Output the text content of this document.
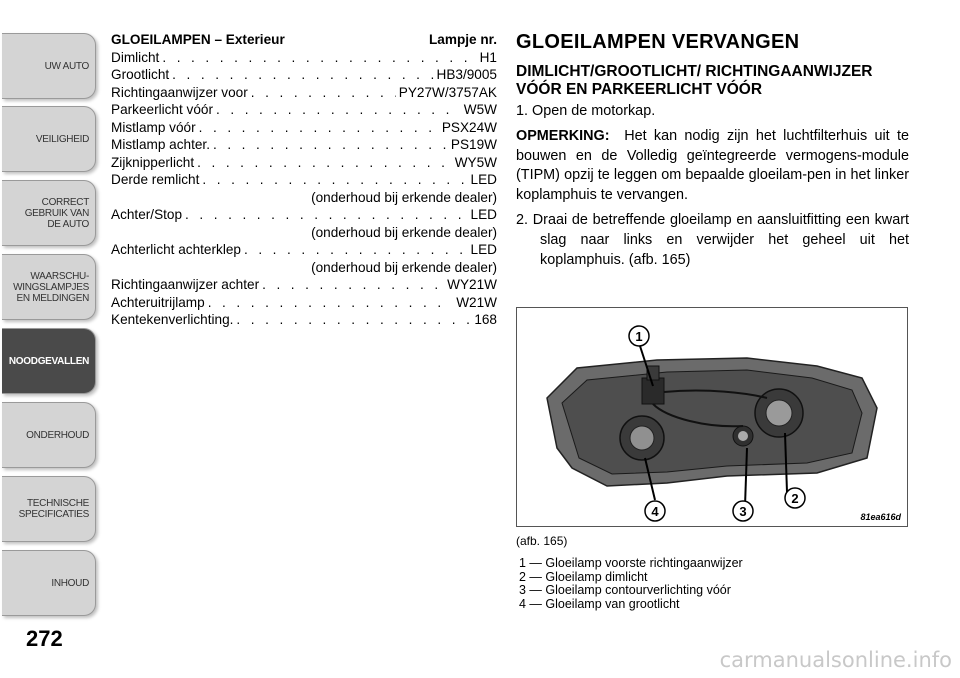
UW AUTO
VEILIGHEID
CORRECT
GEBRUIK VAN
DE AUTO
WAARSCHU-
WINGSLAMPJES
EN MELDINGEN
NOODGEVALLEN
ONDERHOUD
TECHNISCHE
SPECIFICATIES
INHOUD
272
GLOEILAMPEN – Exterieur	Lampje nr.
Dimlicht . . .	H1
Grootlicht . . .	HB3/9005
Richtingaanwijzer voor . . .	PY27W/3757AK
Parkeerlicht vóór . . .	W5W
Mistlamp vóór . . .	PSX24W
Mistlamp achter. . . .	PS19W
Zijknipperlicht . . .	WY5W
Derde remlicht . . .	LED
(onderhoud bij erkende dealer)
Achter/Stop . . .	LED
(onderhoud bij erkende dealer)
Achterlicht achterklep . . .	LED
(onderhoud bij erkende dealer)
Richtingaanwijzer achter . . .	WY21W
Achteruitrijlamp . . .	W21W
Kentekenverlichting. . . .	168
GLOEILAMPEN VERVANGEN
DIMLICHT/GROOTLICHT/ RICHTINGAANWIJZER VÓÓR EN PARKEERLICHT VÓÓR
1. Open de motorkap.
OPMERKING: Het kan nodig zijn het luchtfilterhuis uit te bouwen en de Volledig geïntegreerde vermogens-module (TIPM) opzij te leggen om bepaalde gloeilam-pen in het linker koplamphuis te vervangen.
2. Draai de betreffende gloeilamp en aansluitfitting een kwart slag naar links en verwijder het geheel uit het koplamphuis. (afb. 165)
1
2
3
4	81ea616d
(afb. 165)
1 — Gloeilamp voorste richtingaanwijzer
2 — Gloeilamp dimlicht
3 — Gloeilamp contourverlichting vóór
4 — Gloeilamp van grootlicht
carmanualsonline.info
